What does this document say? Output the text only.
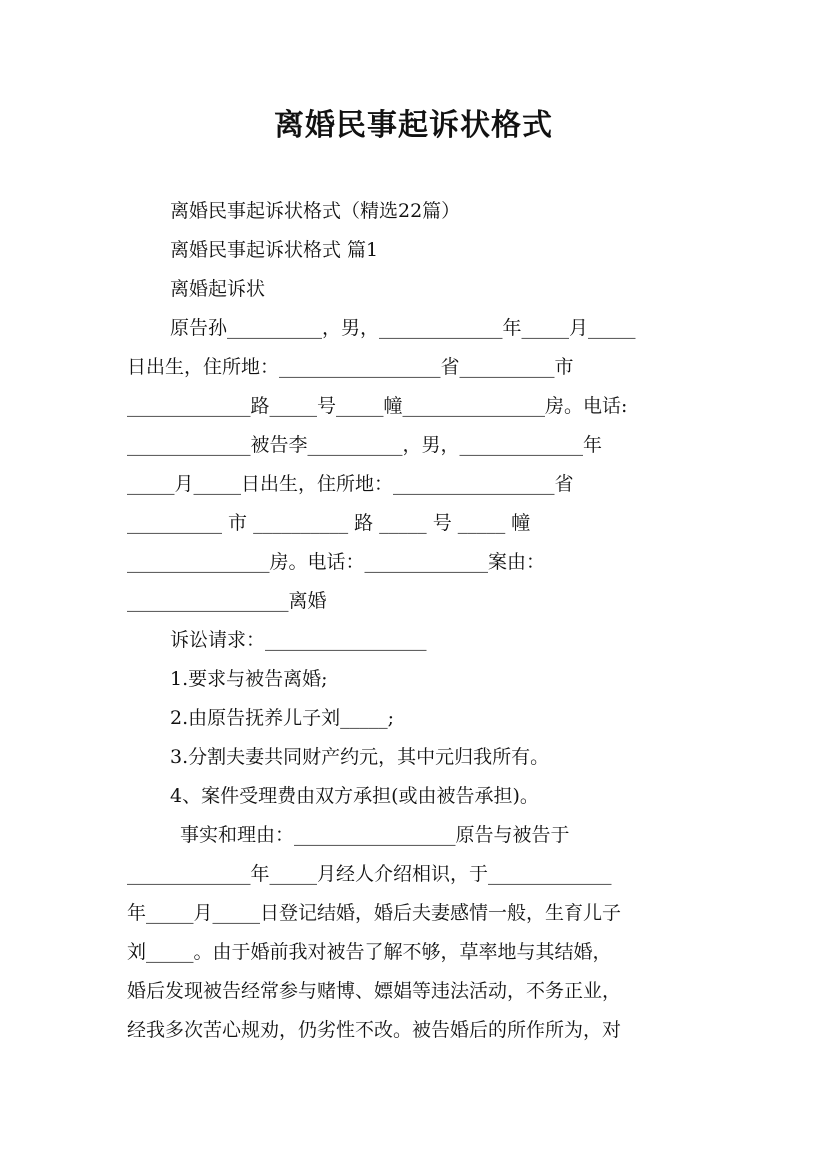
离婚民事起诉状格式
离婚民事起诉状格式（精选22篇）
离婚民事起诉状格式 篇1
离婚起诉状
原告孙__________，男，_____________年_____月_____
日出生，住所地：_________________省__________市
_____________路_____号_____幢_______________房。电话:
_____________被告李__________，男，_____________年
_____月_____日出生，住所地：_________________省
__________ 市 __________ 路 _____ 号 _____ 幢
_______________房。电话：_____________案由：
_________________离婚
诉讼请求：_________________
1.要求与被告离婚;
2.由原告抚养儿子刘_____;
3.分割夫妻共同财产约元，其中元归我所有。
4、案件受理费由双方承担(或由被告承担)。
事实和理由：_________________原告与被告于
_____________年_____月经人介绍相识，于_____________
年_____月_____日登记结婚，婚后夫妻感情一般，生育儿子
刘_____。由于婚前我对被告了解不够，草率地与其结婚，
婚后发现被告经常参与赌博、嫖娼等违法活动，不务正业，
经我多次苦心规劝，仍劣性不改。被告婚后的所作所为，对
